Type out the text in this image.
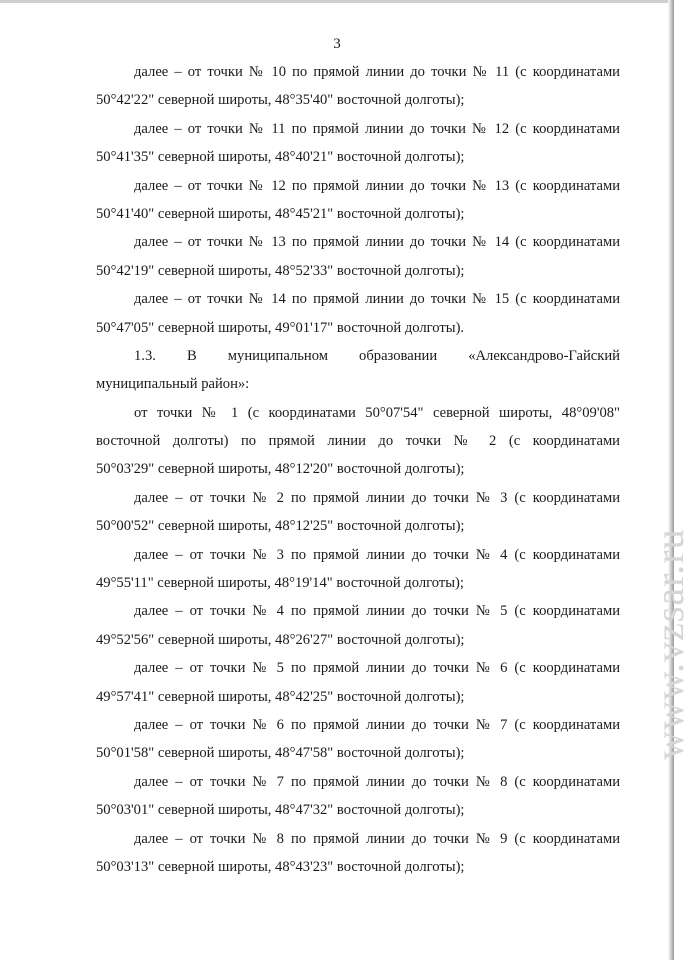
3
далее – от точки № 10 по прямой линии до точки № 11 (с координатами
50°42'22" северной широты, 48°35'40" восточной долготы);
далее – от точки № 11 по прямой линии до точки № 12 (с координатами
50°41'35" северной широты, 48°40'21" восточной долготы);
далее – от точки № 12 по прямой линии до точки № 13 (с координатами
50°41'40" северной широты, 48°45'21" восточной долготы);
далее – от точки № 13 по прямой линии до точки № 14 (с координатами
50°42'19" северной широты, 48°52'33" восточной долготы);
далее – от точки № 14 по прямой линии до точки № 15 (с координатами
50°47'05" северной широты, 49°01'17" восточной долготы).
1.3. В муниципальном образовании «Александрово-Гайский
муниципальный район»:
от точки № 1 (с координатами 50°07'54" северной широты, 48°09'08"
восточной долготы) по прямой линии до точки № 2 (с координатами
50°03'29" северной широты, 48°12'20" восточной долготы);
далее – от точки № 2 по прямой линии до точки № 3 (с координатами
50°00'52" северной широты, 48°12'25" восточной долготы);
далее – от точки № 3 по прямой линии до точки № 4 (с координатами
49°55'11" северной широты, 48°19'14" восточной долготы);
далее – от точки № 4 по прямой линии до точки № 5 (с координатами
49°52'56" северной широты, 48°26'27" восточной долготы);
далее – от точки № 5 по прямой линии до точки № 6 (с координатами
49°57'41" северной широты, 48°42'25" восточной долготы);
далее – от точки № 6 по прямой линии до точки № 7 (с координатами
50°01'58" северной широты, 48°47'58" восточной долготы);
далее – от точки № 7 по прямой линии до точки № 8 (с координатами
50°03'01" северной широты, 48°47'32" восточной долготы);
далее – от точки № 8 по прямой линии до точки № 9 (с координатами
50°03'13" северной широты, 48°43'23" восточной долготы);
www.vzsar.ru
